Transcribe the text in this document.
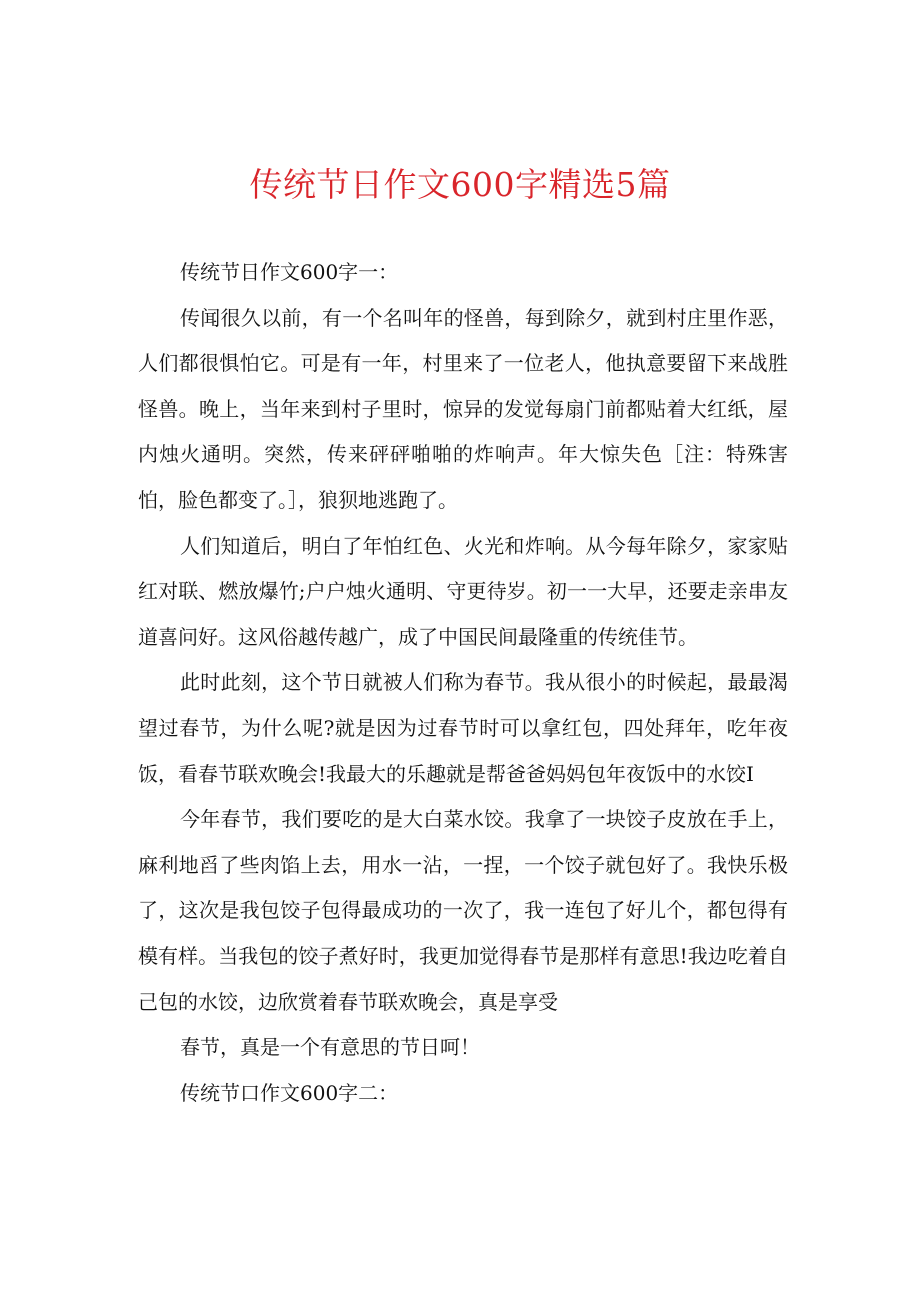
传统节日作文600字精选5篇

传统节日作文600字一：

传闻很久以前，有一个名叫年的怪兽，每到除夕，就到村庄里作恶，人们都很惧怕它。可是有一年，村里来了一位老人，他执意要留下来战胜怪兽。晚上，当年来到村子里时，惊异的发觉每扇门前都贴着大红纸，屋内烛火通明。突然，传来砰砰啪啪的炸响声。年大惊失色［注：特殊害怕，脸色都变了。］，狼狈地逃跑了。

人们知道后，明白了年怕红色、火光和炸响。从今每年除夕，家家贴红对联、燃放爆竹;户户烛火通明、守更待岁。初一一大早，还要走亲串友道喜问好。这风俗越传越广，成了中国民间最隆重的传统佳节。

此时此刻，这个节日就被人们称为春节。我从很小的时候起，最最渴望过春节，为什么呢?就是因为过春节时可以拿红包，四处拜年，吃年夜饭，看春节联欢晚会!我最大的乐趣就是帮爸爸妈妈包年夜饭中的水饺I

今年春节，我们要吃的是大白菜水饺。我拿了一块饺子皮放在手上，麻利地舀了些肉馅上去，用水一沾，一捏，一个饺子就包好了。我快乐极了，这次是我包饺子包得最成功的一次了，我一连包了好儿个，都包得有模有样。当我包的饺子煮好时，我更加觉得春节是那样有意思!我边吃着自己包的水饺，边欣赏着春节联欢晚会，真是享受

春节，真是一个有意思的节日呵！

传统节口作文600字二：
